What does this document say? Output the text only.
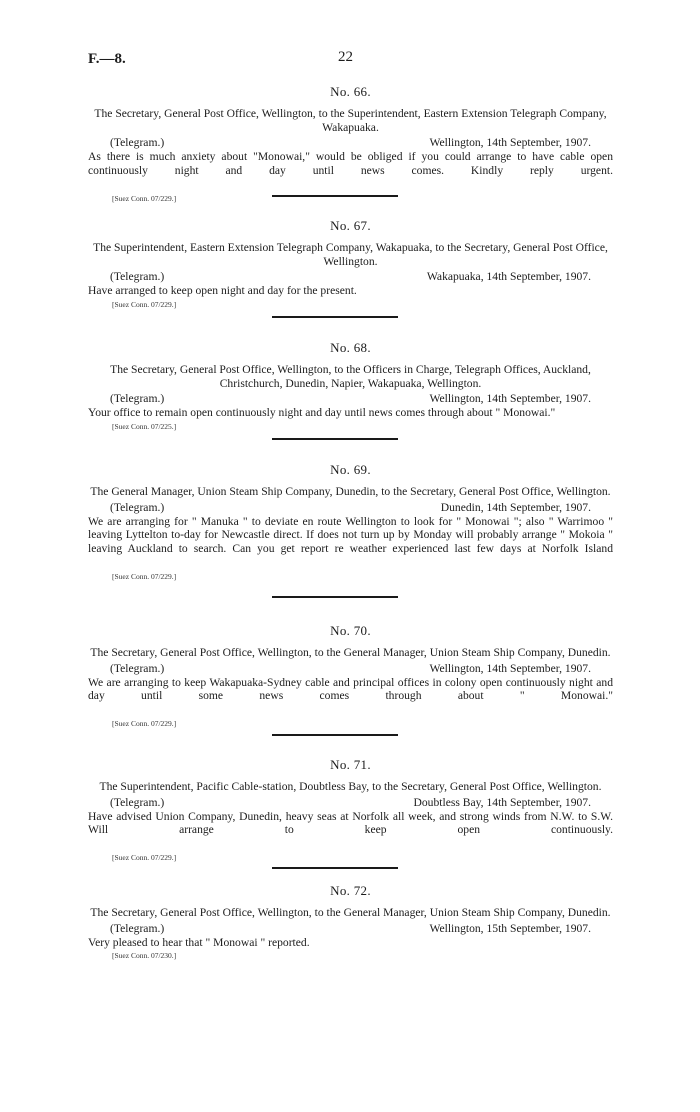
F.—8.	22
No. 66.
The Secretary, General Post Office, Wellington, to the Superintendent, Eastern Extension Telegraph Company, Wakapuaka.
(Telegram.)	Wellington, 14th September, 1907.
As there is much anxiety about "Monowai," would be obliged if you could arrange to have cable open continuously night and day until news comes. Kindly reply urgent.
[Suez Conn. 07/229.]
No. 67.
The Superintendent, Eastern Extension Telegraph Company, Wakapuaka, to the Secretary, General Post Office, Wellington.
(Telegram.)	Wakapuaka, 14th September, 1907.
Have arranged to keep open night and day for the present.
[Suez Conn. 07/229.]
No. 68.
The Secretary, General Post Office, Wellington, to the Officers in Charge, Telegraph Offices, Auckland, Christchurch, Dunedin, Napier, Wakapuaka, Wellington.
(Telegram.)	Wellington, 14th September, 1907.
Your office to remain open continuously night and day until news comes through about " Monowai."
[Suez Conn. 07/225.]
No. 69.
The General Manager, Union Steam Ship Company, Dunedin, to the Secretary, General Post Office, Wellington.
(Telegram.)	Dunedin, 14th September, 1907.
We are arranging for " Manuka " to deviate en route Wellington to look for " Monowai "; also " Warrimoo " leaving Lyttelton to-day for Newcastle direct. If does not turn up by Monday will probably arrange " Mokoia " leaving Auckland to search. Can you get report re weather experienced last few days at Norfolk Island
[Suez Conn. 07/229.]
No. 70.
The Secretary, General Post Office, Wellington, to the General Manager, Union Steam Ship Company, Dunedin.
(Telegram.)	Wellington, 14th September, 1907.
We are arranging to keep Wakapuaka-Sydney cable and principal offices in colony open continuously night and day until some news comes through about " Monowai."
[Suez Conn. 07/229.]
No. 71.
The Superintendent, Pacific Cable-station, Doubtless Bay, to the Secretary, General Post Office, Wellington.
(Telegram.)	Doubtless Bay, 14th September, 1907.
Have advised Union Company, Dunedin, heavy seas at Norfolk all week, and strong winds from N.W. to S.W. Will arrange to keep open continuously.
[Suez Conn. 07/229.]
No. 72.
The Secretary, General Post Office, Wellington, to the General Manager, Union Steam Ship Company, Dunedin.
(Telegram.)	Wellington, 15th September, 1907.
Very pleased to hear that " Monowai " reported.
[Suez Conn. 07/230.]
